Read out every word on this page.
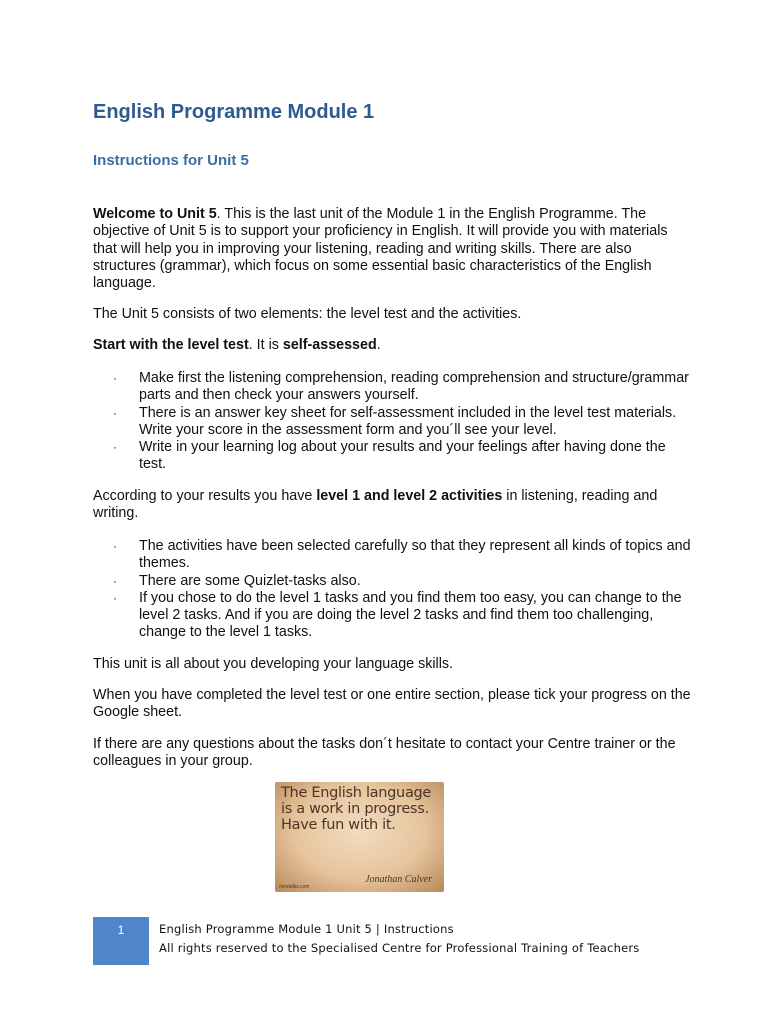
English Programme Module 1
Instructions for Unit 5

Welcome to Unit 5. This is the last unit of the Module 1 in the English Programme. The objective of Unit 5 is to support your proficiency in English. It will provide you with materials that will help you in improving your listening, reading and writing skills. There are also structures (grammar), which focus on some essential basic characteristics of the English language.

The Unit 5 consists of two elements: the level test and the activities.

Start with the level test. It is self-assessed.

· Make first the listening comprehension, reading comprehension and structure/grammar parts and then check your answers yourself.
· There is an answer key sheet for self-assessment included in the level test materials. Write your score in the assessment form and you´ll see your level.
· Write in your learning log about your results and your feelings after having done the test.

According to your results you have level 1 and level 2 activities in listening, reading and writing.

· The activities have been selected carefully so that they represent all kinds of topics and themes.
· There are some Quizlet-tasks also.
· If you chose to do the level 1 tasks and you find them too easy, you can change to the level 2 tasks. And if you are doing the level 2 tasks and find them too challenging, change to the level 1 tasks.

This unit is all about you developing your language skills.

When you have completed the level test or one entire section, please tick your progress on the Google sheet.

If there are any questions about the tasks don´t hesitate to contact your Centre trainer or the colleagues in your group.

The English language is a work in progress. Have fun with it.
Jonathan Culver
mextalks.com
1	English Programme Module 1 Unit 5 | Instructions
All rights reserved to the Specialised Centre for Professional Training of Teachers
